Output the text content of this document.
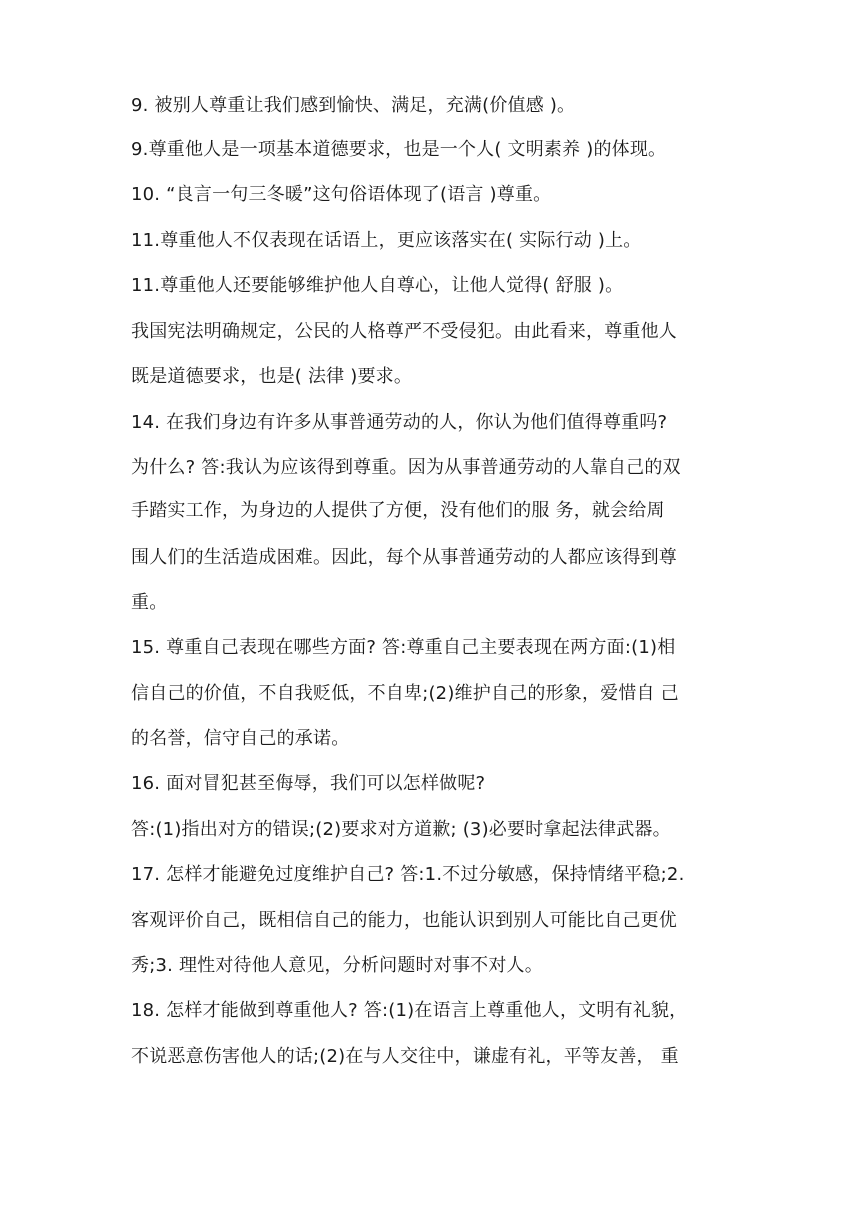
9. 被别人尊重让我们感到愉快、满足，充满(价值感 )。
9.尊重他人是一项基本道德要求，也是一个人( 文明素养 )的体现。
10. “良言一句三冬暖”这句俗语体现了(语言 )尊重。
11.尊重他人不仅表现在话语上，更应该落实在( 实际行动 )上。
11.尊重他人还要能够维护他人自尊心，让他人觉得( 舒服 )。
我国宪法明确规定，公民的人格尊严不受侵犯。由此看来，尊重他人
既是道德要求，也是( 法律 )要求。
14. 在我们身边有许多从事普通劳动的人，你认为他们值得尊重吗?
为什么? 答:我认为应该得到尊重。因为从事普通劳动的人靠自己的双
手踏实工作，为身边的人提供了方便，没有他们的服 务，就会给周
围人们的生活造成困难。因此，每个从事普通劳动的人都应该得到尊
重。
15. 尊重自己表现在哪些方面? 答:尊重自己主要表现在两方面:(1)相
信自己的价值，不自我贬低，不自卑;(2)维护自己的形象，爱惜自 己
的名誉，信守自己的承诺。
16. 面对冒犯甚至侮辱，我们可以怎样做呢?
答:(1)指出对方的错误;(2)要求对方道歉; (3)必要时拿起法律武器。
17. 怎样才能避免过度维护自己? 答:1.不过分敏感，保持情绪平稳;2.
客观评价自己，既相信自己的能力，也能认识到别人可能比自己更优
秀;3. 理性对待他人意见，分析问题时对事不对人。
18. 怎样才能做到尊重他人? 答:(1)在语言上尊重他人，文明有礼貌，
不说恶意伤害他人的话;(2)在与人交往中，谦虚有礼，平等友善， 重
